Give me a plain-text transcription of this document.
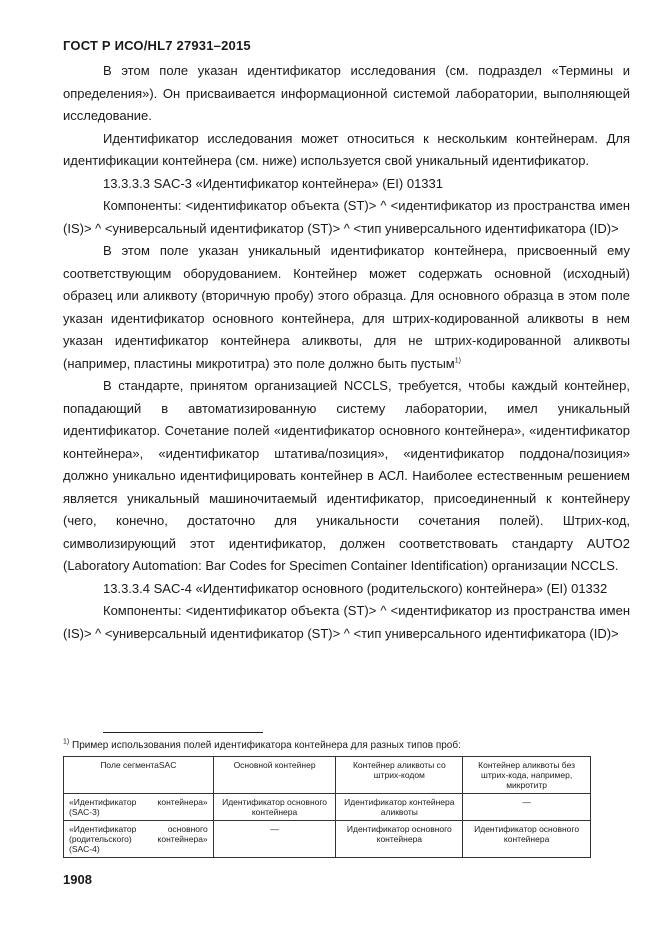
ГОСТ Р ИСО/HL7 27931–2015

В этом поле указан идентификатор исследования (см. подраздел «Термины и определения»). Он присваивается информационной системой лаборатории, выполняющей исследование.

Идентификатор исследования может относиться к нескольким контейнерам. Для идентификации контейнера (см. ниже) используется свой уникальный идентификатор.

13.3.3.3 SAC-3 «Идентификатор контейнера» (EI) 01331

Компоненты: <идентификатор объекта (ST)> ^ <идентификатор из пространства имен (IS)> ^ <универсальный идентификатор (ST)> ^ <тип универсального идентификатора (ID)>

В этом поле указан уникальный идентификатор контейнера, присвоенный ему соответствующим оборудованием. Контейнер может содержать основной (исходный) образец или аликвоту (вторичную пробу) этого образца. Для основного образца в этом поле указан идентификатор основного контейнера, для штрих-кодированной аликвоты в нем указан идентификатор контейнера аликвоты, для не штрих-кодированной аликвоты (например, пластины микротитра) это поле должно быть пустым$^{1)}$

В стандарте, принятом организацией NCCLS, требуется, чтобы каждый контейнер, попадающий в автоматизированную систему лаборатории, имел уникальный идентификатор. Сочетание полей «идентификатор основного контейнера», «идентификатор контейнера», «идентификатор штатива/позиция», «идентификатор поддона/позиция» должно уникально идентифицировать контейнер в АСЛ. Наиболее естественным решением является уникальный машиночитаемый идентификатор, присоединенный к контейнеру (чего, конечно, достаточно для уникальности сочетания полей). Штрих-код, символизирующий этот идентификатор, должен соответствовать стандарту AUTO2 (Laboratory Automation: Bar Codes for Specimen Container Identification) организации NCCLS.

13.3.3.4 SAC-4 «Идентификатор основного (родительского) контейнера» (EI) 01332

Компоненты: <идентификатор объекта (ST)> ^ <идентификатор из пространства имен (IS)> ^ <универсальный идентификатор (ST)> ^ <тип универсального идентификатора (ID)>

$^{1)}$ Пример использования полей идентификатора контейнера для разных типов проб:
Поле сегментаSAC	Основной контейнер	Контейнер аликвоты со штрих-кодом	Контейнер аликвоты без штрих-кода, например, микротитр
«Идентификатор контейнера» (SAC-3)	Идентификатор основного контейнера	Идентификатор контейнера аликвоты	—
«Идентификатор основного (родительского) контейнера» (SAC-4)	—	Идентификатор основного контейнера	Идентификатор основного контейнера
1908
